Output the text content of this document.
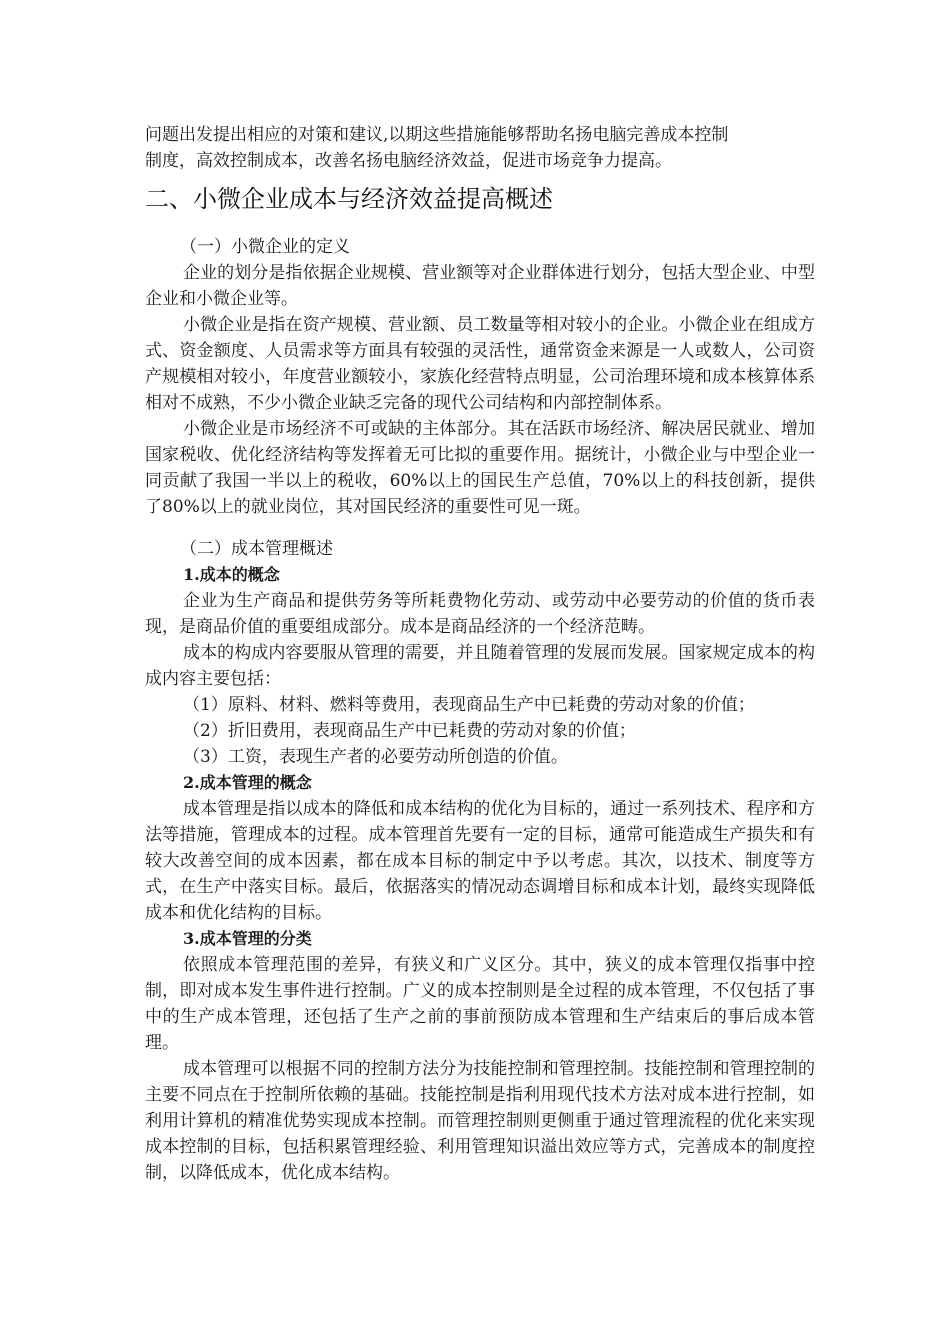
问题出发提出相应的对策和建议,以期这些措施能够帮助名扬电脑完善成本控制

制度，高效控制成本，改善名扬电脑经济效益，促进市场竞争力提高。

二、小微企业成本与经济效益提高概述
（一）小微企业的定义

企业的划分是指依据企业规模、营业额等对企业群体进行划分，包括大型企业、中型企业和小微企业等。

小微企业是指在资产规模、营业额、员工数量等相对较小的企业。小微企业在组成方式、资金额度、人员需求等方面具有较强的灵活性，通常资金来源是一人或数人，公司资产规模相对较小，年度营业额较小，家族化经营特点明显，公司治理环境和成本核算体系相对不成熟，不少小微企业缺乏完备的现代公司结构和内部控制体系。

小微企业是市场经济不可或缺的主体部分。其在活跃市场经济、解决居民就业、增加国家税收、优化经济结构等发挥着无可比拟的重要作用。据统计，小微企业与中型企业一同贡献了我国一半以上的税收，60%以上的国民生产总值，70%以上的科技创新，提供了80%以上的就业岗位，其对国民经济的重要性可见一斑。

（二）成本管理概述
1.成本的概念

企业为生产商品和提供劳务等所耗费物化劳动、或劳动中必要劳动的价值的货币表现，是商品价值的重要组成部分。成本是商品经济的一个经济范畴。

成本的构成内容要服从管理的需要，并且随着管理的发展而发展。国家规定成本的构成内容主要包括：

（1）原料、材料、燃料等费用，表现商品生产中已耗费的劳动对象的价值；

（2）折旧费用，表现商品生产中已耗费的劳动对象的价值；

（3）工资，表现生产者的必要劳动所创造的价值。

2.成本管理的概念

成本管理是指以成本的降低和成本结构的优化为目标的，通过一系列技术、程序和方法等措施，管理成本的过程。成本管理首先要有一定的目标，通常可能造成生产损失和有较大改善空间的成本因素，都在成本目标的制定中予以考虑。其次，以技术、制度等方式，在生产中落实目标。最后，依据落实的情况动态调增目标和成本计划，最终实现降低成本和优化结构的目标。

3.成本管理的分类

依照成本管理范围的差异，有狭义和广义区分。其中，狭义的成本管理仅指事中控制，即对成本发生事件进行控制。广义的成本控制则是全过程的成本管理，不仅包括了事中的生产成本管理，还包括了生产之前的事前预防成本管理和生产结束后的事后成本管理。

成本管理可以根据不同的控制方法分为技能控制和管理控制。技能控制和管理控制的主要不同点在于控制所依赖的基础。技能控制是指利用现代技术方法对成本进行控制，如利用计算机的精准优势实现成本控制。而管理控制则更侧重于通过管理流程的优化来实现成本控制的目标，包括积累管理经验、利用管理知识溢出效应等方式，完善成本的制度控制，以降低成本，优化成本结构。
